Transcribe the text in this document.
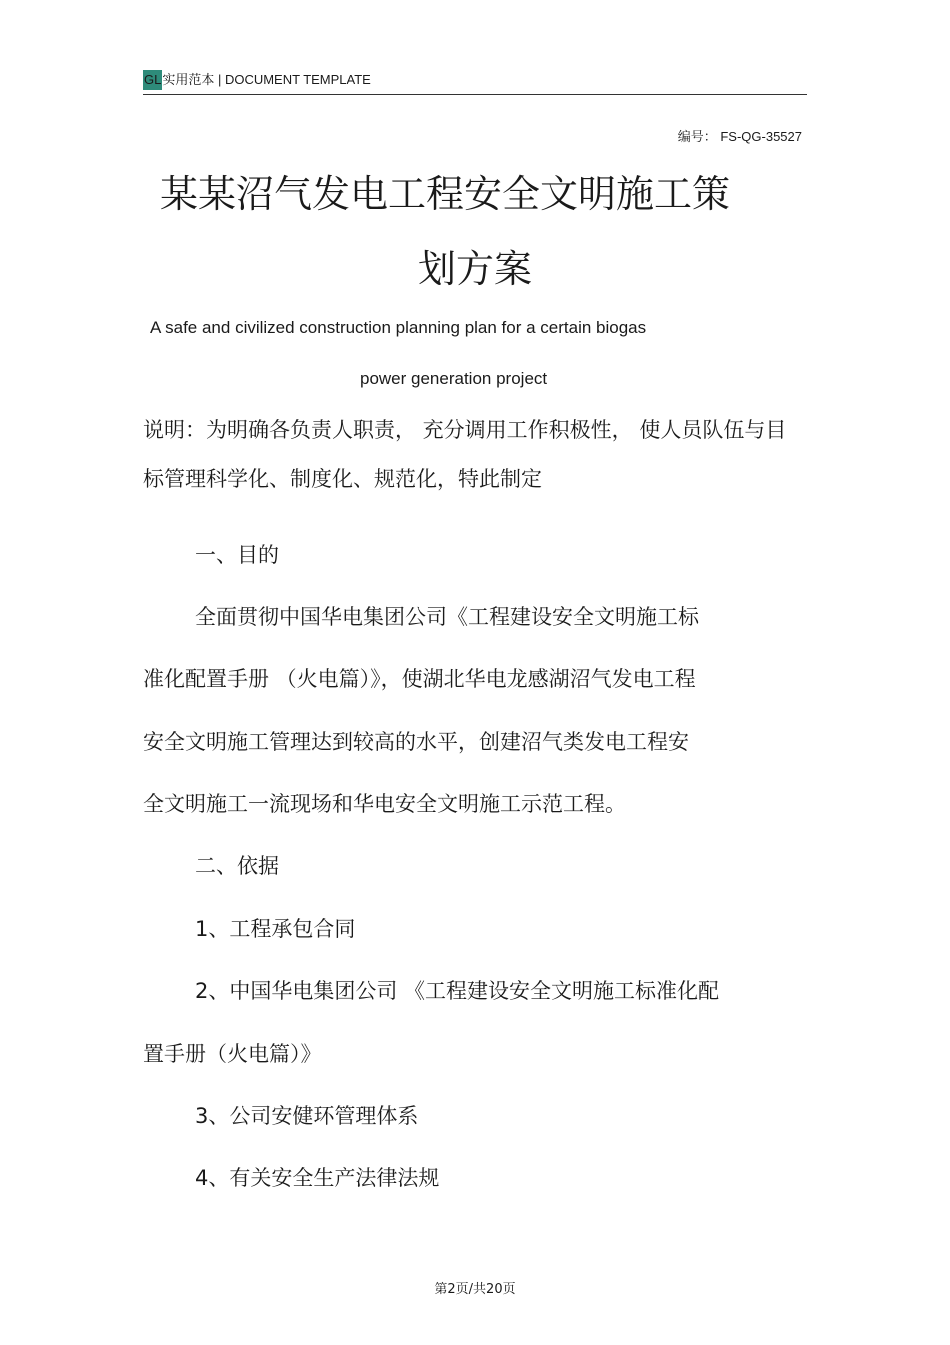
GL实用范本 | DOCUMENT TEMPLATE
编号： FS-QG-35527
某某沼气发电工程安全文明施工策
划方案
A safe and civilized construction planning plan for a certain biogas
power generation project
说明：为明确各负责人职责， 充分调用工作积极性， 使人员队伍与目
标管理科学化、制度化、规范化，特此制定
一、目的
全面贯彻中国华电集团公司《工程建设安全文明施工标
准化配置手册 （火电篇）》，使湖北华电龙感湖沼气发电工程
安全文明施工管理达到较高的水平，创建沼气类发电工程安
全文明施工一流现场和华电安全文明施工示范工程。
二、依据
1、工程承包合同
2、中国华电集团公司 《工程建设安全文明施工标准化配
置手册（火电篇）》
3、公司安健环管理体系
4、有关安全生产法律法规
第2页/共20页
